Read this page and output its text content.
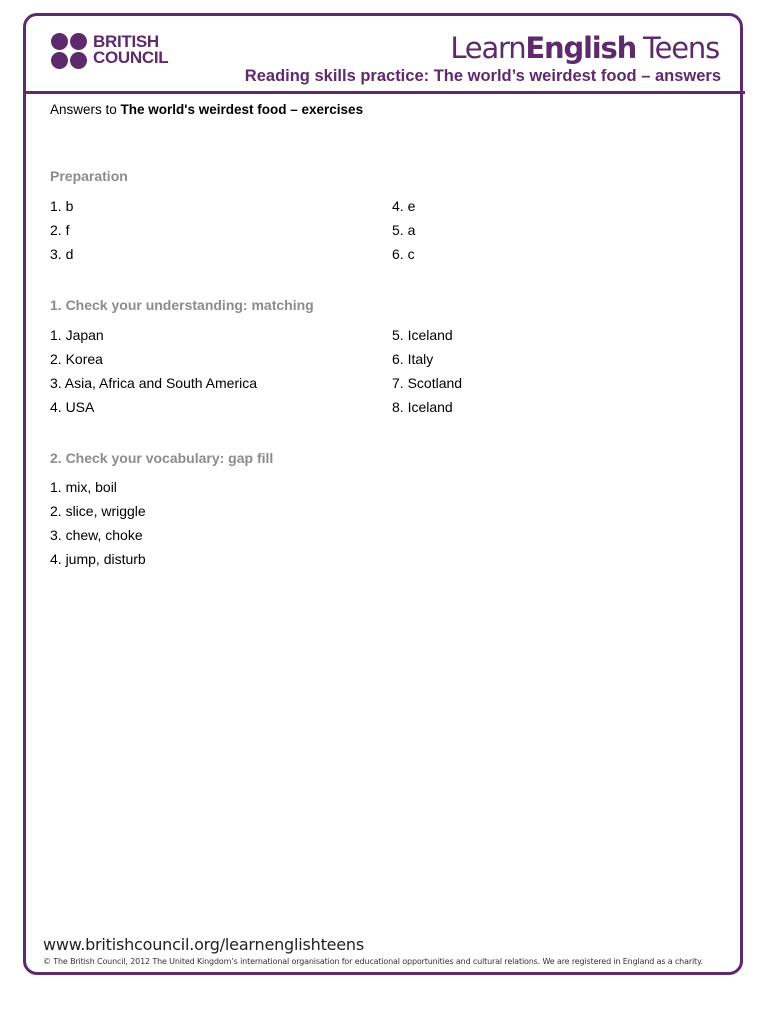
BRITISH
COUNCIL	LearnEnglish Teens
Reading skills practice: The world’s weirdest food – answers
Answers to The world's weirdest food – exercises
Preparation
1. b
2. f
3. d
4. e
5. a
6. c
1. Check your understanding: matching
1. Japan
2. Korea
3. Asia, Africa and South America
4. USA
5. Iceland
6. Italy
7. Scotland
8. Iceland
2. Check your vocabulary: gap fill
1. mix, boil
2. slice, wriggle
3. chew, choke
4. jump, disturb
www.britishcouncil.org/learnenglishteens
© The British Council, 2012 The United Kingdom’s international organisation for educational opportunities and cultural relations. We are registered in England as a charity.
